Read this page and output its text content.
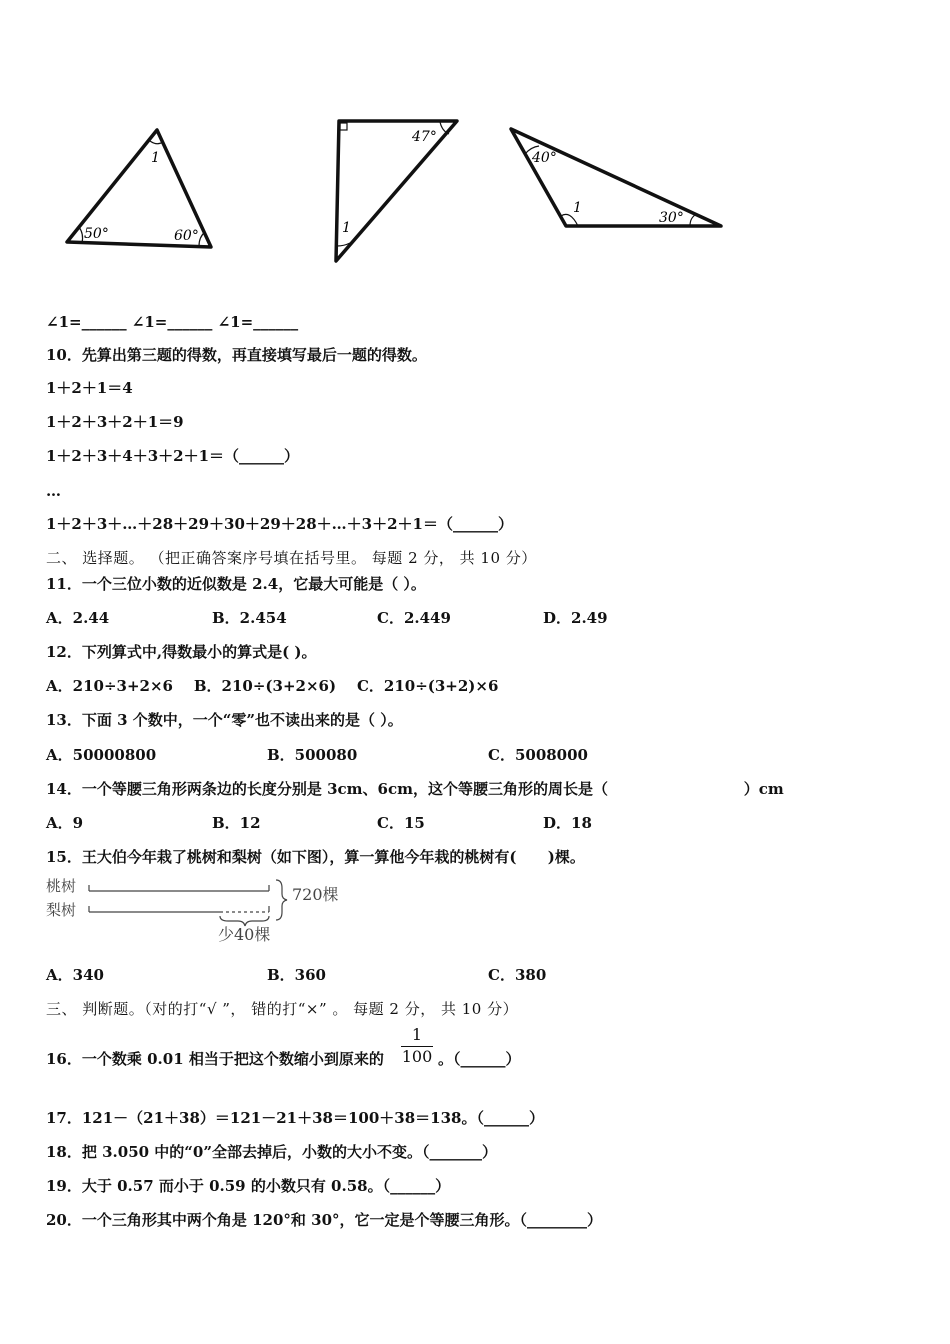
1
50°	60°
47°
1
40°
1
30°
∠1=______ ∠1=______ ∠1=______
10．先算出第三题的得数，再直接填写最后一题的得数。
1＋2＋1＝4
1＋2＋3＋2＋1＝9
1＋2＋3＋4＋3＋2＋1＝（______）
…
1＋2＋3＋…＋28＋29＋30＋29＋28＋…＋3＋2＋1＝（______）
二、 选择题。 （把正确答案序号填在括号里。 每题 2 分， 共 10 分）
11．一个三位小数的近似数是 2.4，它最大可能是（ ）。
A．2.44	B．2.454	C．2.449	D．2.49
12．下列算式中,得数最小的算式是( )。
A．210÷3+2×6    B．210÷(3+2×6)    C．210÷(3+2)×6
13．下面 3 个数中，一个“零”也不读出来的是（ ）。
A．50000800	B．500080	C．5008000
14．一个等腰三角形两条边的长度分别是 3cm、6cm，这个等腰三角形的周长是（                          ）cm
A．9	B．12	C．15	D．18
15．王大伯今年栽了桃树和梨树（如下图），算一算他今年栽的桃树有(      )棵。
桃树
梨树
720棵
少40棵
A．340	B．360	C．380
三、 判断题。（对的打“√ ”， 错的打“×” 。 每题 2 分， 共 10 分）
16．一个数乘 0.01 相当于把这个数缩小到原来的
1
100 。（______）
17．121－（21＋38）＝121－21＋38＝100＋38＝138。（______）
18．把 3.050 中的“0”全部去掉后，小数的大小不变。（_______）
19．大于 0.57 而小于 0.59 的小数只有 0.58。（______）
20．一个三角形其中两个角是 120°和 30°，它一定是个等腰三角形。（________）
